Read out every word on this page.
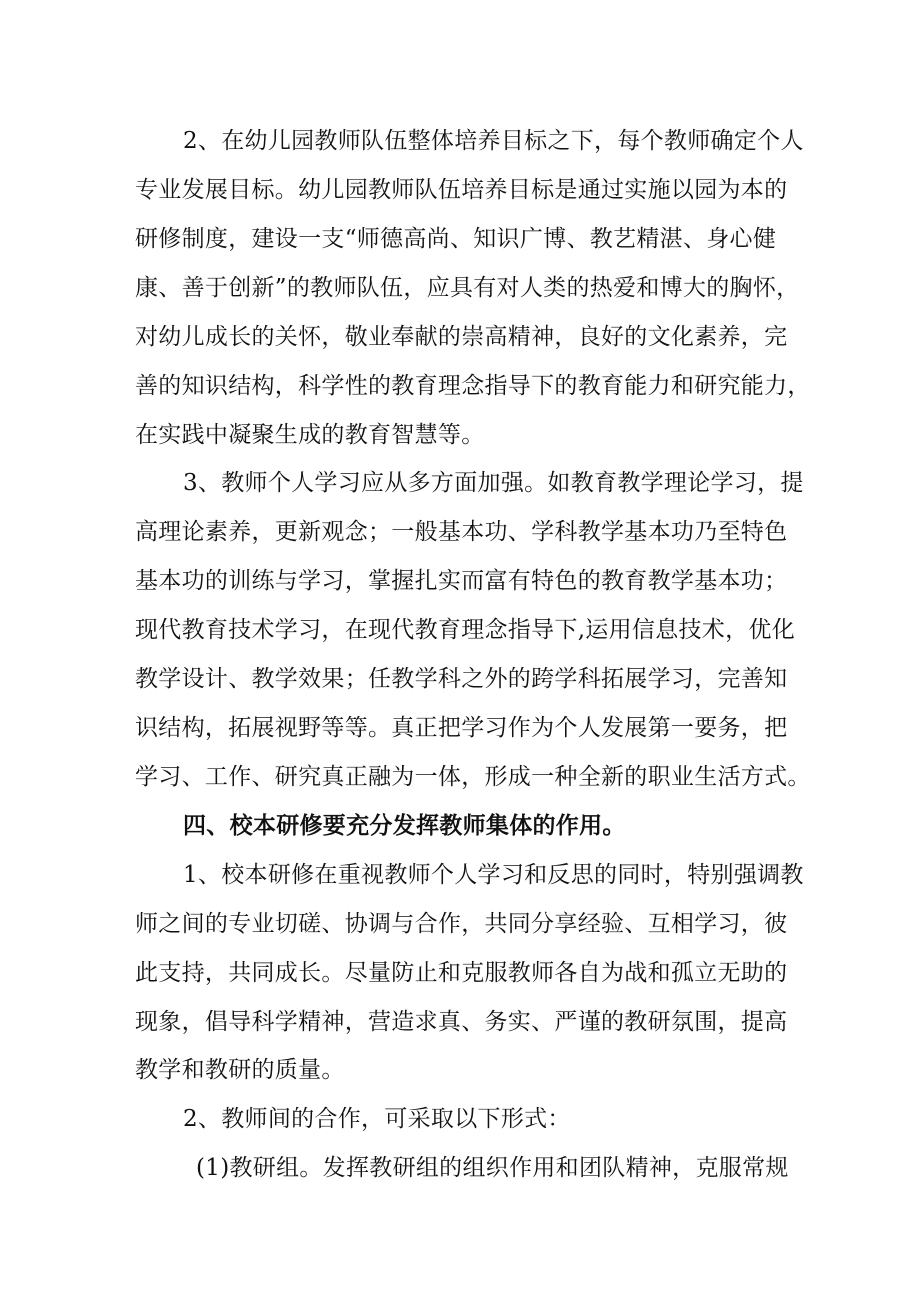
2、在幼儿园教师队伍整体培养目标之下，每个教师确定个人
专业发展目标。幼儿园教师队伍培养目标是通过实施以园为本的
研修制度，建设一支“师德高尚、知识广博、教艺精湛、身心健
康、善于创新”的教师队伍，应具有对人类的热爱和博大的胸怀，
对幼儿成长的关怀，敬业奉献的崇高精神，良好的文化素养，完
善的知识结构，科学性的教育理念指导下的教育能力和研究能力，
在实践中凝聚生成的教育智慧等。
3、教师个人学习应从多方面加强。如教育教学理论学习，提
高理论素养，更新观念；一般基本功、学科教学基本功乃至特色
基本功的训练与学习，掌握扎实而富有特色的教育教学基本功；
现代教育技术学习，在现代教育理念指导下,运用信息技术，优化
教学设计、教学效果；任教学科之外的跨学科拓展学习，完善知
识结构，拓展视野等等。真正把学习作为个人发展第一要务，把
学习、工作、研究真正融为一体，形成一种全新的职业生活方式。
四、校本研修要充分发挥教师集体的作用。
1、校本研修在重视教师个人学习和反思的同时，特别强调教
师之间的专业切磋、协调与合作，共同分享经验、互相学习，彼
此支持，共同成长。尽量防止和克服教师各自为战和孤立无助的
现象，倡导科学精神，营造求真、务实、严谨的教研氛围，提高
教学和教研的质量。
2、教师间的合作，可采取以下形式：
(1)教研组。发挥教研组的组织作用和团队精神，克服常规
